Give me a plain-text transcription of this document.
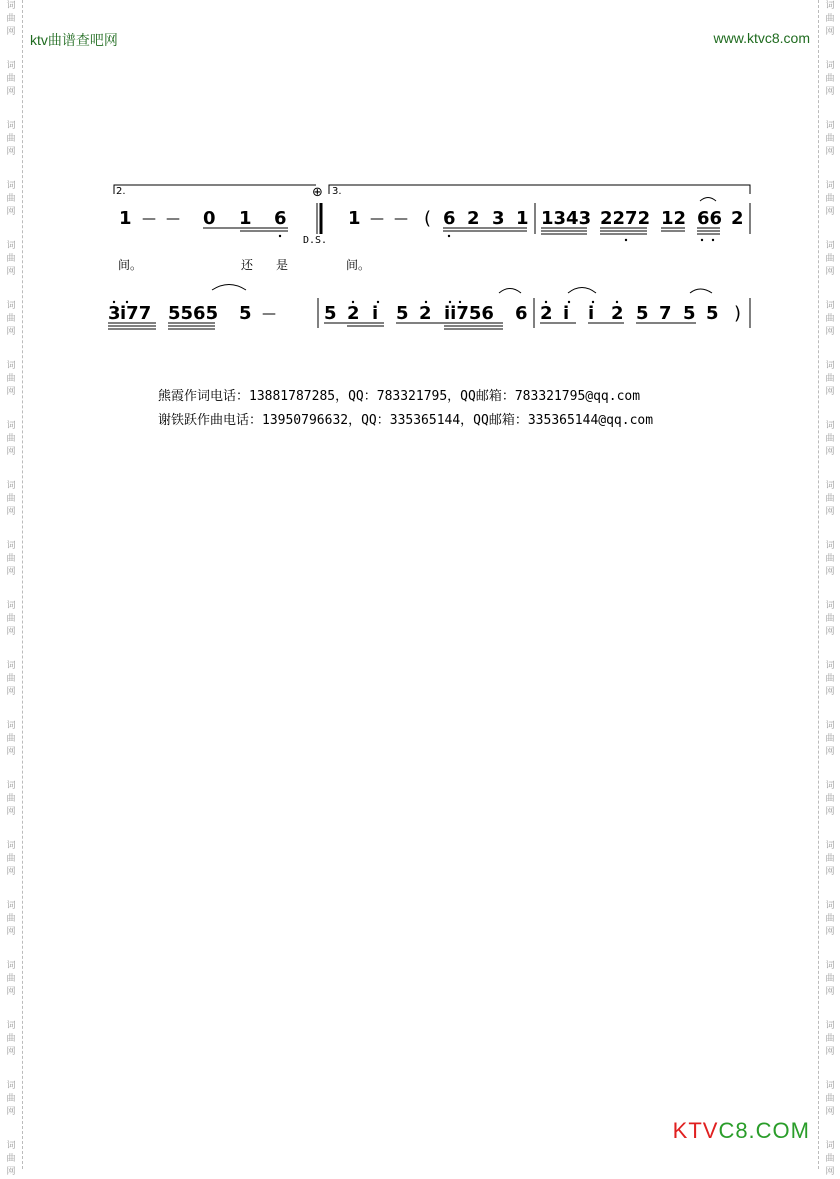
词
曲
网
词
曲
网
词
曲
网
词
曲
网
词
曲
网
词
曲
网
词
曲
网
词
曲
网
词
曲
网
词
曲
网
词
曲
网
词
曲
网
词
曲
网
词
曲
网
词
曲
网
词
曲
网
词
曲
网
词
曲
网
词
曲
网
词
曲
网
词
曲
网
词
曲
网
词
曲
网
词
曲
网
词
曲
网
词
曲
网
词
曲
网
词
曲
网
词
曲
网
词
曲
网
词
曲
网
词
曲
网
词
曲
网
词
曲
网
词
曲
网
词
曲
网
词
曲
网
词
曲
网
词
曲
网
词
曲
网
ktv曲谱查吧网	www.ktvc8.com
2.	3.
⊕
1 — — 0 1 6	1 — — ( 6 2 3 1 1343 2272 12 66 2
D.S.
间。	还 是	间。
3 i77 5565 5 —	5 2 i 5 2 ii756 6 2 i i 2 5 7 5 5 )
熊霞作词电话：13881787285，QQ：783321795，QQ邮箱：783321795@qq.com
谢铁跃作曲电话：13950796632，QQ：335365144，QQ邮箱：335365144@qq.com
KTVC8.COM
